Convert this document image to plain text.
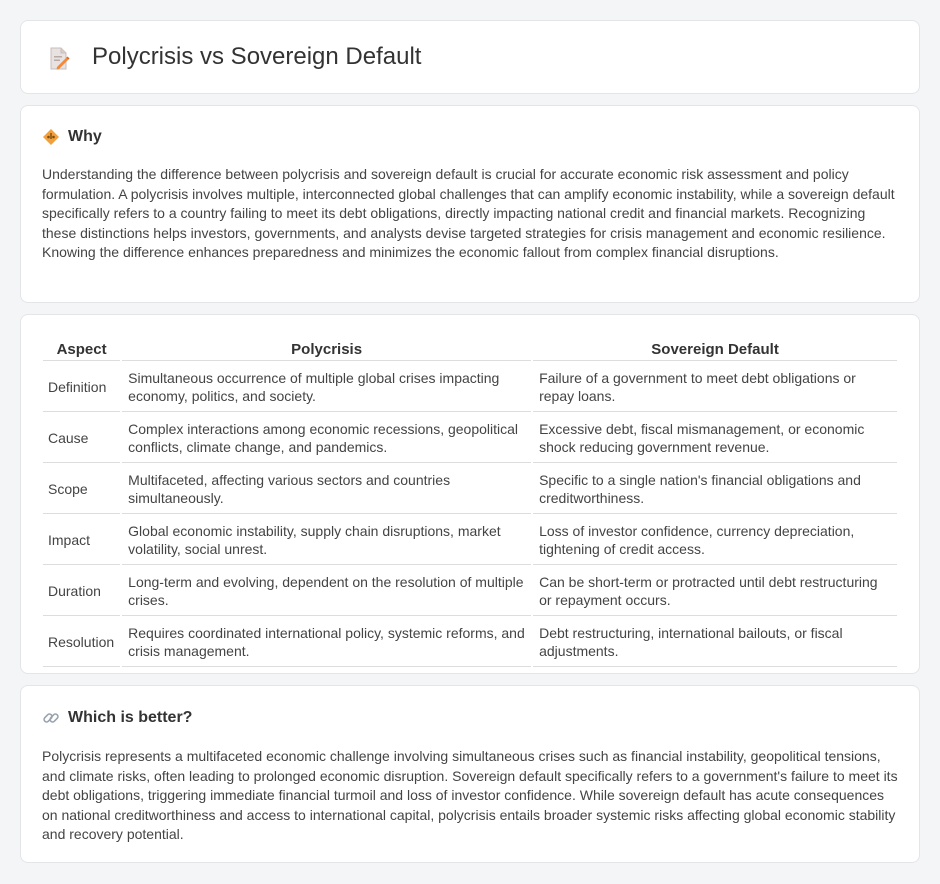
Polycrisis vs Sovereign Default
Why

Understanding the difference between polycrisis and sovereign default is crucial for accurate economic risk assessment and policy formulation. A polycrisis involves multiple, interconnected global challenges that can amplify economic instability, while a sovereign default specifically refers to a country failing to meet its debt obligations, directly impacting national credit and financial markets. Recognizing these distinctions helps investors, governments, and analysts devise targeted strategies for crisis management and economic resilience. Knowing the difference enhances preparedness and minimizes the economic fallout from complex financial disruptions.

Aspect	Polycrisis	Sovereign Default
Definition	Simultaneous occurrence of multiple global crises impacting economy, politics, and society.	Failure of a government to meet debt obligations or repay loans.
Cause	Complex interactions among economic recessions, geopolitical conflicts, climate change, and pandemics.	Excessive debt, fiscal mismanagement, or economic shock reducing government revenue.
Scope	Multifaceted, affecting various sectors and countries simultaneously.	Specific to a single nation's financial obligations and creditworthiness.
Impact	Global economic instability, supply chain disruptions, market volatility, social unrest.	Loss of investor confidence, currency depreciation, tightening of credit access.
Duration	Long-term and evolving, dependent on the resolution of multiple crises.	Can be short-term or protracted until debt restructuring or repayment occurs.
Resolution	Requires coordinated international policy, systemic reforms, and crisis management.	Debt restructuring, international bailouts, or fiscal adjustments.
Which is better?

Polycrisis represents a multifaceted economic challenge involving simultaneous crises such as financial instability, geopolitical tensions, and climate risks, often leading to prolonged economic disruption. Sovereign default specifically refers to a government's failure to meet its debt obligations, triggering immediate financial turmoil and loss of investor confidence. While sovereign default has acute consequences on national creditworthiness and access to international capital, polycrisis entails broader systemic risks affecting global economic stability and recovery potential.
